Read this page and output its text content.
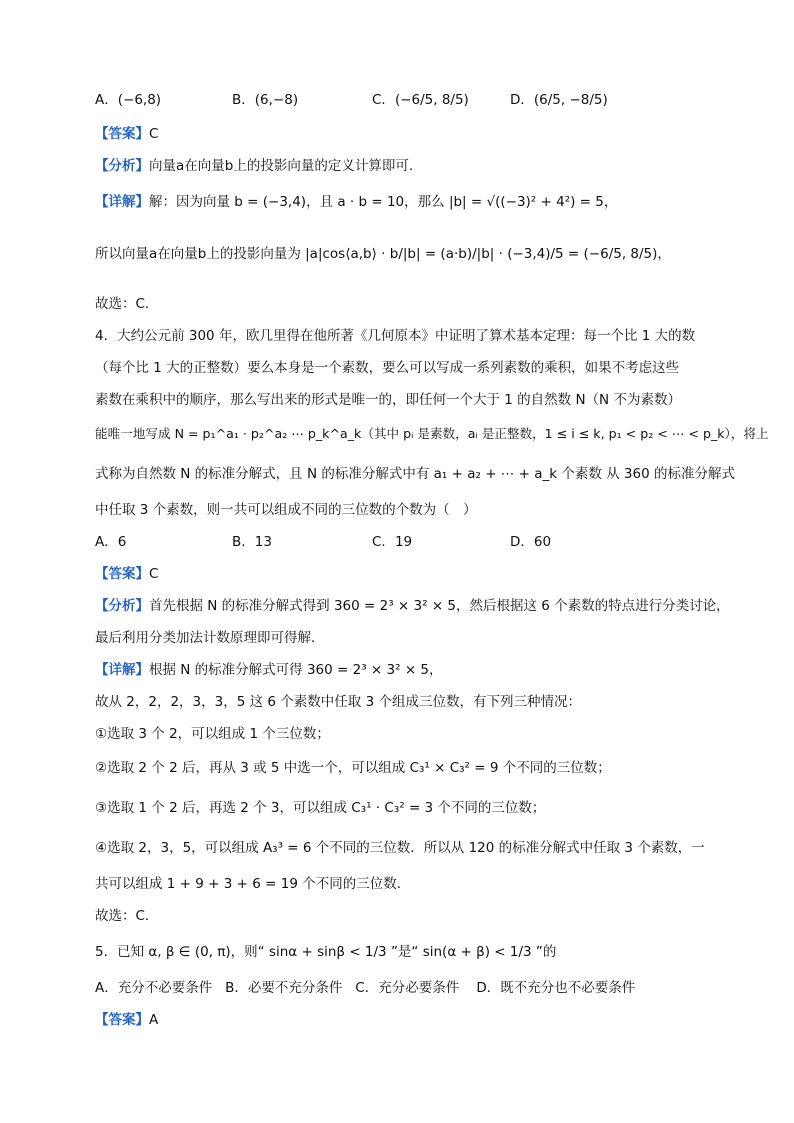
A．(−6,8)	B．(6,−8)	C．(−6/5, 8/5)	D．(6/5, −8/5)
【答案】C
【分析】向量a在向量b上的投影向量的定义计算即可.
【详解】解：因为向量 b = (−3,4)，且 a · b = 10，那么 |b| = √((−3)² + 4²) = 5，
所以向量a在向量b上的投影向量为 |a|cos⟨a,b⟩ · b/|b| = (a·b)/|b| · (−3,4)/5 = (−6/5, 8/5)，
故选：C.
4．大约公元前 300 年，欧几里得在他所著《几何原本》中证明了算术基本定理：每一个比 1 大的数
（每个比 1 大的正整数）要么本身是一个素数，要么可以写成一系列素数的乘积，如果不考虑这些
素数在乘积中的顺序，那么写出来的形式是唯一的，即任何一个大于 1 的自然数 N（N 不为素数）
能唯一地写成 N = p₁^a₁ · p₂^a₂ ⋯ p_k^a_k（其中 pᵢ 是素数，aᵢ 是正整数，1 ≤ i ≤ k, p₁ < p₂ < ⋯ < p_k），将上
式称为自然数 N 的标准分解式，且 N 的标准分解式中有 a₁ + a₂ + ⋯ + a_k 个素数 从 360 的标准分解式
中任取 3 个素数，则一共可以组成不同的三位数的个数为（　）
A．6	B．13	C．19	D．60
【答案】C
【分析】首先根据 N 的标准分解式得到 360 = 2³ × 3² × 5，然后根据这 6 个素数的特点进行分类讨论，
最后利用分类加法计数原理即可得解．
【详解】根据 N 的标准分解式可得 360 = 2³ × 3² × 5，
故从 2，2，2，3，3，5 这 6 个素数中任取 3 个组成三位数，有下列三种情况：
①选取 3 个 2，可以组成 1 个三位数；
②选取 2 个 2 后，再从 3 或 5 中选一个，可以组成 C₃¹ × C₃² = 9 个不同的三位数；
③选取 1 个 2 后，再选 2 个 3，可以组成 C₃¹ · C₃² = 3 个不同的三位数；
④选取 2，3，5，可以组成 A₃³ = 6 个不同的三位数．所以从 120 的标准分解式中任取 3 个素数，一
共可以组成 1 + 9 + 3 + 6 = 19 个不同的三位数.
故选：C．
5．已知 α, β ∈ (0, π)，则“ sinα + sinβ < 1/3 ”是“ sin(α + β) < 1/3 ”的
A．充分不必要条件 B．必要不充分条件 C．充分必要条件 D．既不充分也不必要条件
【答案】A
